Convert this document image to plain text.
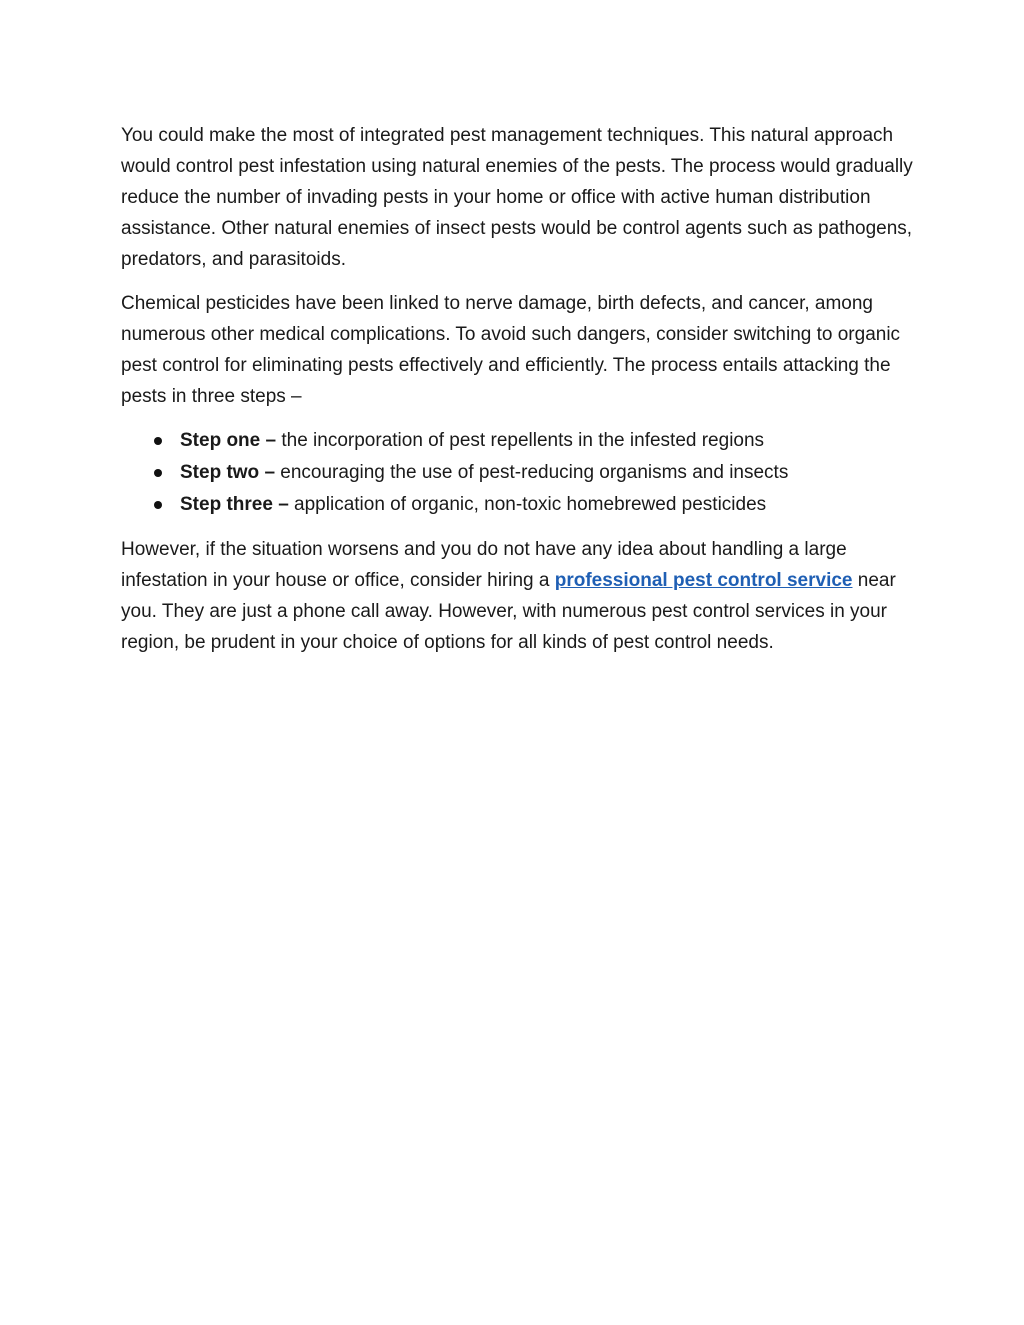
You could make the most of integrated pest management techniques. This natural approach would control pest infestation using natural enemies of the pests. The process would gradually reduce the number of invading pests in your home or office with active human distribution assistance. Other natural enemies of insect pests would be control agents such as pathogens, predators, and parasitoids.

Chemical pesticides have been linked to nerve damage, birth defects, and cancer, among numerous other medical complications. To avoid such dangers, consider switching to organic pest control for eliminating pests effectively and efficiently. The process entails attacking the pests in three steps –

Step one – the incorporation of pest repellents in the infested regions
Step two – encouraging the use of pest-reducing organisms and insects
Step three – application of organic, non-toxic homebrewed pesticides

However, if the situation worsens and you do not have any idea about handling a large infestation in your house or office, consider hiring a professional pest control service near you. They are just a phone call away. However, with numerous pest control services in your region, be prudent in your choice of options for all kinds of pest control needs.
